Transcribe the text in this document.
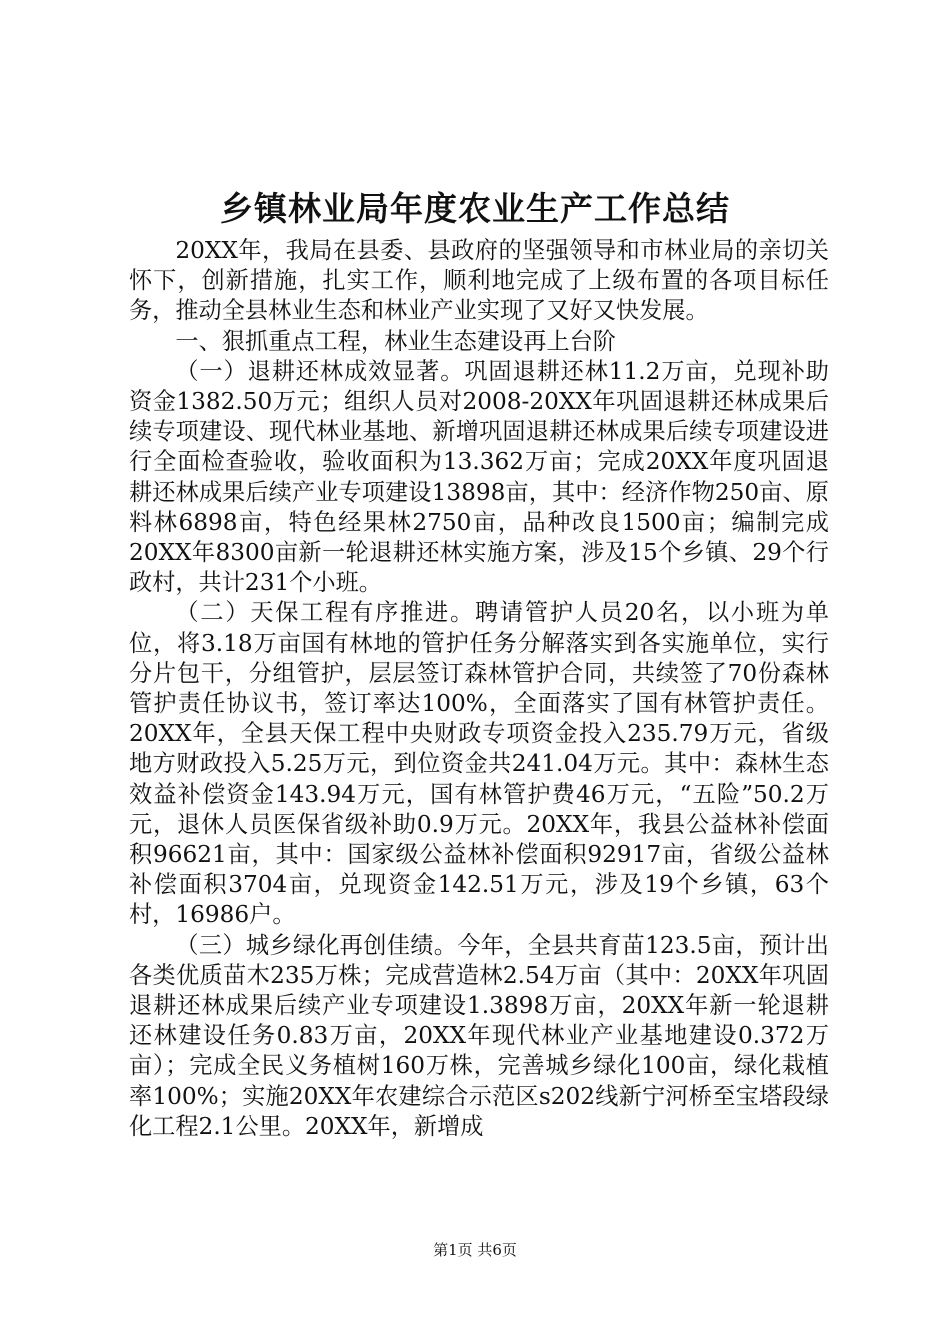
乡镇林业局年度农业生产工作总结

20XX年，我局在县委、县政府的坚强领导和市林业局的亲切关怀下，创新措施，扎实工作，顺利地完成了上级布置的各项目标任务，推动全县林业生态和林业产业实现了又好又快发展。

一、狠抓重点工程，林业生态建设再上台阶

（一）退耕还林成效显著。巩固退耕还林11.2万亩，兑现补助资金1382.50万元；组织人员对2008-20XX年巩固退耕还林成果后续专项建设、现代林业基地、新增巩固退耕还林成果后续专项建设进行全面检查验收，验收面积为13.362万亩；完成20XX年度巩固退耕还林成果后续产业专项建设13898亩，其中：经济作物250亩、原料林6898亩，特色经果林2750亩，品种改良1500亩；编制完成20XX年8300亩新一轮退耕还林实施方案，涉及15个乡镇、29个行政村，共计231个小班。

（二）天保工程有序推进。聘请管护人员20名，以小班为单位，将3.18万亩国有林地的管护任务分解落实到各实施单位，实行分片包干，分组管护，层层签订森林管护合同，共续签了70份森林管护责任协议书，签订率达100%，全面落实了国有林管护责任。20XX年，全县天保工程中央财政专项资金投入235.79万元，省级地方财政投入5.25万元，到位资金共241.04万元。其中：森林生态效益补偿资金143.94万元，国有林管护费46万元，“五险”50.2万元，退休人员医保省级补助0.9万元。20XX年，我县公益林补偿面积96621亩，其中：国家级公益林补偿面积92917亩，省级公益林补偿面积3704亩，兑现资金142.51万元，涉及19个乡镇，63个村，16986户。

（三）城乡绿化再创佳绩。今年，全县共育苗123.5亩，预计出各类优质苗木235万株；完成营造林2.54万亩（其中：20XX年巩固退耕还林成果后续产业专项建设1.3898万亩，20XX年新一轮退耕还林建设任务0.83万亩，20XX年现代林业产业基地建设0.372万亩）；完成全民义务植树160万株，完善城乡绿化100亩，绿化栽植率100%；实施20XX年农建综合示范区s202线新宁河桥至宝塔段绿化工程2.1公里。20XX年，新增成

第1页 共6页
